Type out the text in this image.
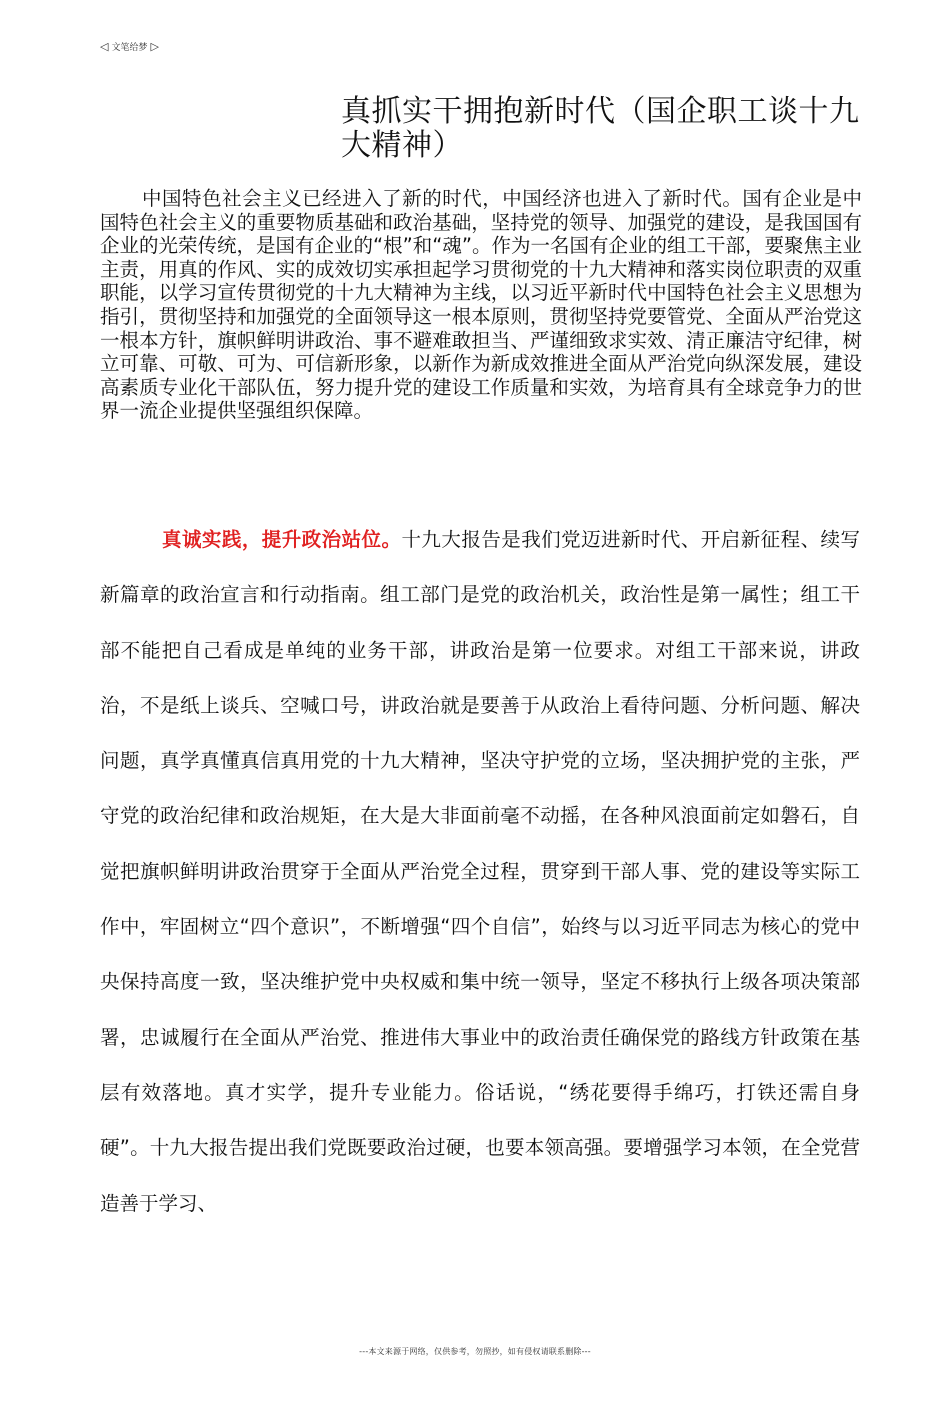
◁ 文笔给梦 ▷
真抓实干拥抱新时代（国企职工谈十九大精神）

中国特色社会主义已经进入了新的时代，中国经济也进入了新时代。国有企业是中国特色社会主义的重要物质基础和政治基础，坚持党的领导、加强党的建设，是我国国有企业的光荣传统，是国有企业的“根”和“魂”。作为一名国有企业的组工干部，要聚焦主业主责，用真的作风、实的成效切实承担起学习贯彻党的十九大精神和落实岗位职责的双重职能，以学习宣传贯彻党的十九大精神为主线，以习近平新时代中国特色社会主义思想为指引，贯彻坚持和加强党的全面领导这一根本原则，贯彻坚持党要管党、全面从严治党这一根本方针，旗帜鲜明讲政治、事不避难敢担当、严谨细致求实效、清正廉洁守纪律，树立可靠、可敬、可为、可信新形象，以新作为新成效推进全面从严治党向纵深发展，建设高素质专业化干部队伍，努力提升党的建设工作质量和实效，为培育具有全球竞争力的世界一流企业提供坚强组织保障。

真诚实践，提升政治站位。十九大报告是我们党迈进新时代、开启新征程、续写新篇章的政治宣言和行动指南。组工部门是党的政治机关，政治性是第一属性；组工干部不能把自己看成是单纯的业务干部，讲政治是第一位要求。对组工干部来说，讲政治，不是纸上谈兵、空喊口号，讲政治就是要善于从政治上看待问题、分析问题、解决问题，真学真懂真信真用党的十九大精神，坚决守护党的立场，坚决拥护党的主张，严守党的政治纪律和政治规矩，在大是大非面前毫不动摇，在各种风浪面前定如磐石，自觉把旗帜鲜明讲政治贯穿于全面从严治党全过程，贯穿到干部人事、党的建设等实际工作中，牢固树立“四个意识”，不断增强“四个自信”，始终与以习近平同志为核心的党中央保持高度一致，坚决维护党中央权威和集中统一领导，坚定不移执行上级各项决策部署，忠诚履行在全面从严治党、推进伟大事业中的政治责任确保党的路线方针政策在基层有效落地。真才实学，提升专业能力。俗话说，“绣花要得手绵巧，打铁还需自身硬”。十九大报告提出我们党既要政治过硬，也要本领高强。要增强学习本领，在全党营造善于学习、

---本文来源于网络，仅供参考，勿照抄，如有侵权请联系删除---
